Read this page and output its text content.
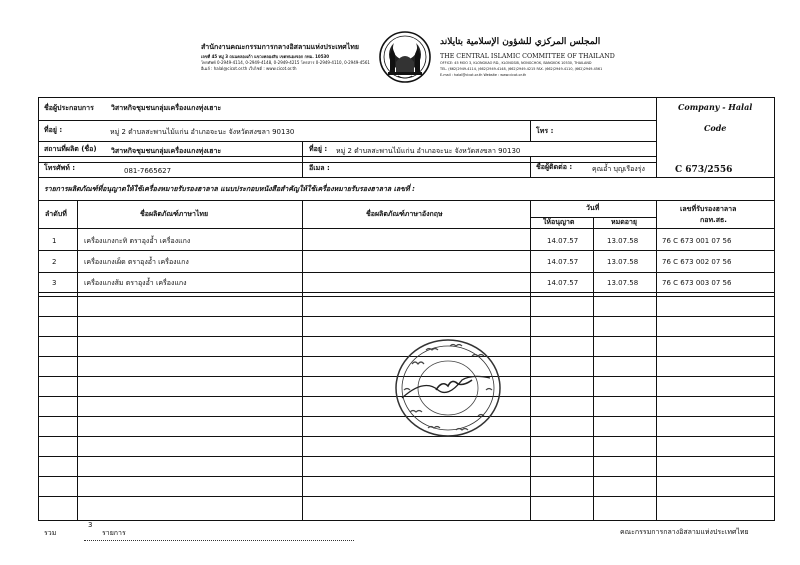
สำนักงานคณะกรรมการกลางอิสลามแห่งประเทศไทย
เลขที่ 45 หมู่ 3 ถนนคลองเก้า แขวงคลองสิบ เขตหนองจอก กทม. 10530
โทรศัพท์ 0-2949-4114, 0-2949-4148, 0-2949-4215 โทรสาร 0-2949-4110, 0-2949-4561
อีเมล์ : halal@cicot.or.th เว็บไซต์ : www.cicot.or.th
المجلس المركزي للشؤون الإسلامية بتايلاند
THE CENTRAL ISLAMIC COMMITTEE OF THAILAND
OFFICE: 45 MOO 3, KLONGKAO RD., KLONGSIB, NONGCHOK, BANGKOK 10530, THAILAND
TEL. (662)2949-4114, (662)2949-4148, (662)2949-4215 FAX. (662)2949-4110, (662)2949-4561
E-mail : halal@cicot.or.th Website : www.cicot.or.th
ชื่อผู้ประกอบการ วิสาหกิจชุมชนกลุ่มเครื่องแกงทุ่งเฮาะ
ที่อยู่ :	หมู่ 2 ตำบลสะพานไม้แก่น อำเภอจะนะ จังหวัดสงขลา 90130	โทร :
สถานที่ผลิต (ชื่อ) วิสาหกิจชุมชนกลุ่มเครื่องแกงทุ่งเฮาะ	ที่อยู่ : หมู่ 2 ตำบลสะพานไม้แก่น อำเภอจะนะ จังหวัดสงขลา 90130
โทรศัพท์ :	081-7665627	อีเมล :	ชื่อผู้ติดต่อ :	คุณอ้ำ บุญเรืองรุ่ง
Company - Halal
Code
C 673/2556
รายการผลิตภัณฑ์ที่อนุญาตให้ใช้เครื่องหมายรับรองฮาลาล แนบประกอบหนังสือสำคัญให้ใช้เครื่องหมายรับรองฮาลาล เลขที่ :
ลำดับที่	ชื่อผลิตภัณฑ์ภาษาไทย	ชื่อผลิตภัณฑ์ภาษาอังกฤษ
วันที่
ให้อนุญาต	หมดอายุ
เลขที่รับรองฮาลาล
กอท.สธ.
1	เครื่องแกงกะทิ ตราอุงอ้ำ เครื่องแกง	14.07.57	13.07.58	76 C 673 001 07 56
2	เครื่องแกงเผ็ด ตราอุงอ้ำ เครื่องแกง	14.07.57	13.07.58	76 C 673 002 07 56
3	เครื่องแกงส้ม ตราอุงอ้ำ เครื่องแกง	14.07.57	13.07.58	76 C 673 003 07 56
รวม
3
รายการ	คณะกรรมการกลางอิสลามแห่งประเทศไทย
